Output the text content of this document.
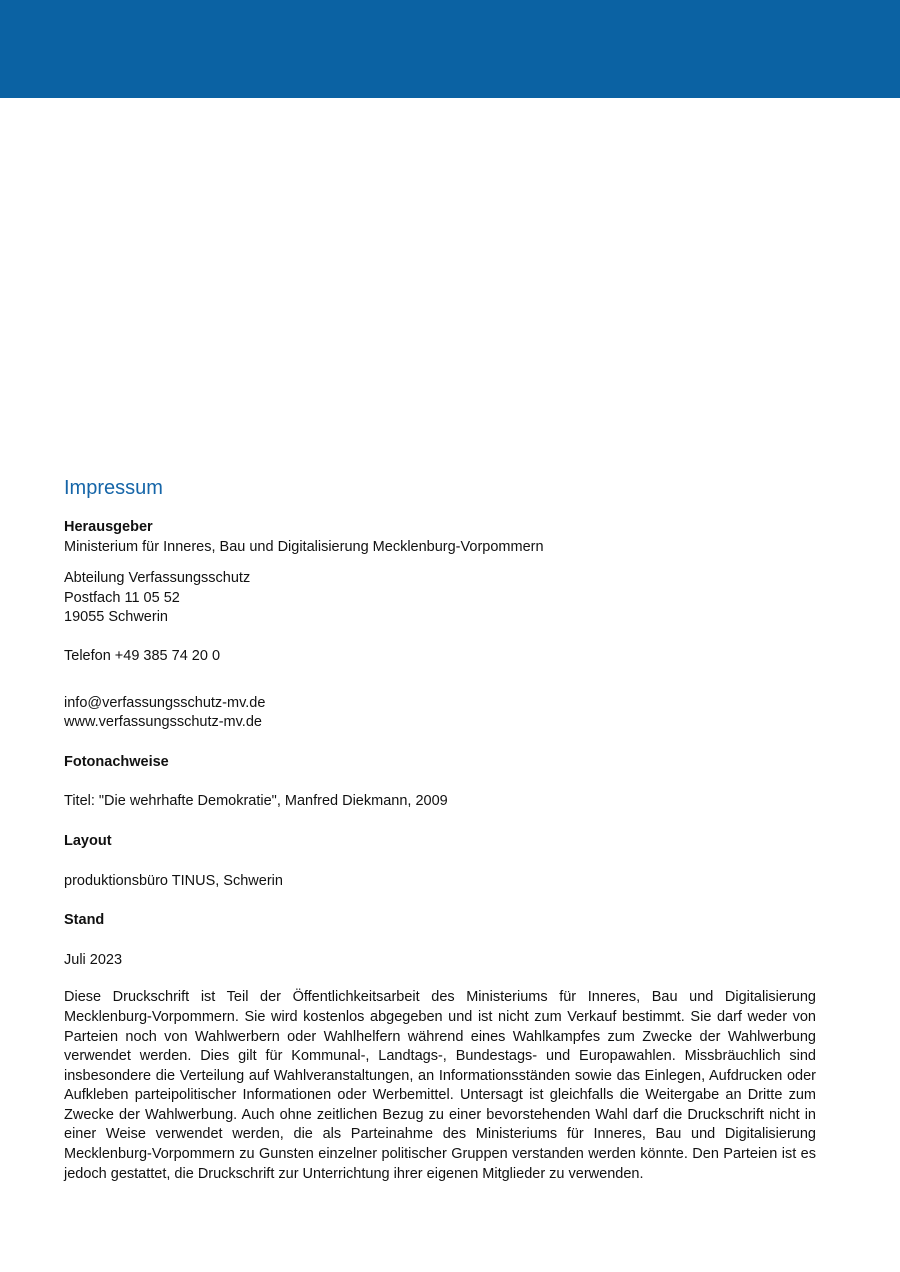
Impressum

Herausgeber

Ministerium für Inneres, Bau und Digitalisierung Mecklenburg-Vorpommern

Abteilung Verfassungsschutz

Postfach 11 05 52

19055 Schwerin

Telefon +49 385 74 20 0

info@verfassungsschutz-mv.de

www.verfassungsschutz-mv.de

Fotonachweise

Titel: "Die wehrhafte Demokratie", Manfred Diekmann, 2009

Layout

produktionsbüro TINUS, Schwerin

Stand

Juli 2023

Diese Druckschrift ist Teil der Öffentlichkeitsarbeit des Ministeriums für Inneres, Bau und Digitalisierung Mecklenburg-Vorpommern. Sie wird kostenlos abgegeben und ist nicht zum Verkauf bestimmt. Sie darf weder von Parteien noch von Wahlwerbern oder Wahlhelfern während eines Wahlkampfes zum Zwecke der Wahlwerbung verwendet werden. Dies gilt für Kommunal-, Landtags-, Bundestags- und Europawahlen. Missbräuchlich sind insbesondere die Verteilung auf Wahlveranstaltungen, an Informationsständen sowie das Einlegen, Aufdrucken oder Aufkleben parteipolitischer Informationen oder Werbemittel. Untersagt ist gleichfalls die Weitergabe an Dritte zum Zwecke der Wahlwerbung. Auch ohne zeitlichen Bezug zu einer bevorstehenden Wahl darf die Druckschrift nicht in einer Weise verwendet werden, die als Parteinahme des Ministeriums für Inneres, Bau und Digitalisierung Mecklenburg-Vorpommern zu Gunsten einzelner politischer Gruppen verstanden werden könnte. Den Parteien ist es jedoch gestattet, die Druckschrift zur Unterrichtung ihrer eigenen Mitglieder zu verwenden.
